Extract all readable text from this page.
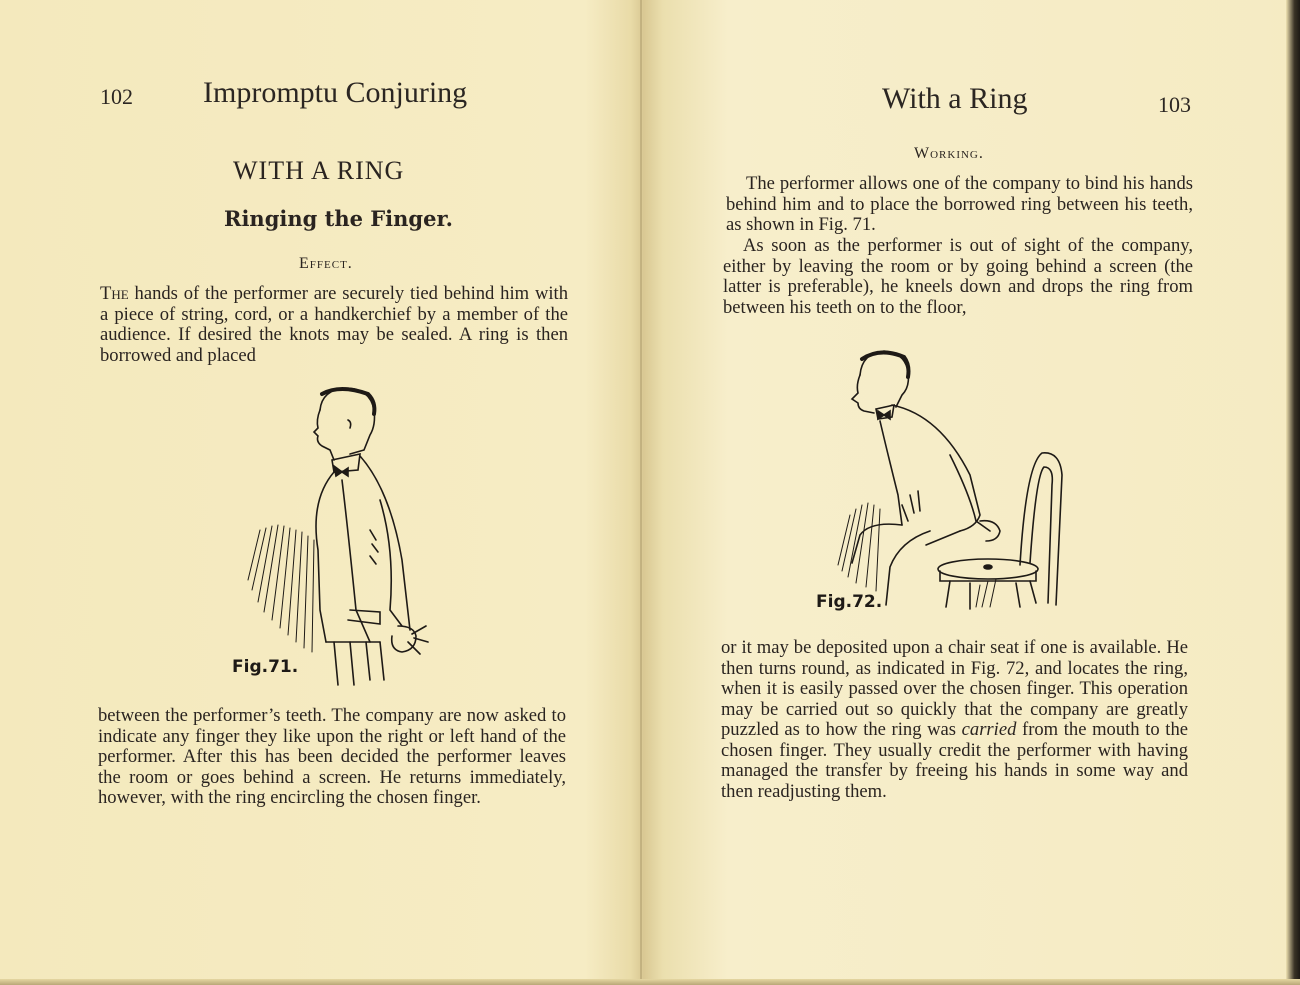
102 Impromptu Conjuring
WITH A RING
Ringing the Finger.
Effect.

The hands of the performer are securely tied behind him with a piece of string, cord, or a handkerchief by a member of the audience. If desired the knots may be sealed. A ring is then borrowed and placed

Fig.71.

between the performer’s teeth. The company are now asked to indicate any finger they like upon the right or left hand of the performer. After this has been decided the performer leaves the room or goes behind a screen. He returns immediately, however, with the ring encircling the chosen finger.

With a Ring	103
Working.

The performer allows one of the company to bind his hands behind him and to place the borrowed ring between his teeth, as shown in Fig. 71.

As soon as the performer is out of sight of the company, either by leaving the room or by going behind a screen (the latter is preferable), he kneels down and drops the ring from between his teeth on to the floor,

Fig.72.

or it may be deposited upon a chair seat if one is available. He then turns round, as indicated in Fig. 72, and locates the ring, when it is easily passed over the chosen finger. This operation may be carried out so quickly that the company are greatly puzzled as to how the ring was carried from the mouth to the chosen finger. They usually credit the performer with having managed the transfer by freeing his hands in some way and then readjusting them.
